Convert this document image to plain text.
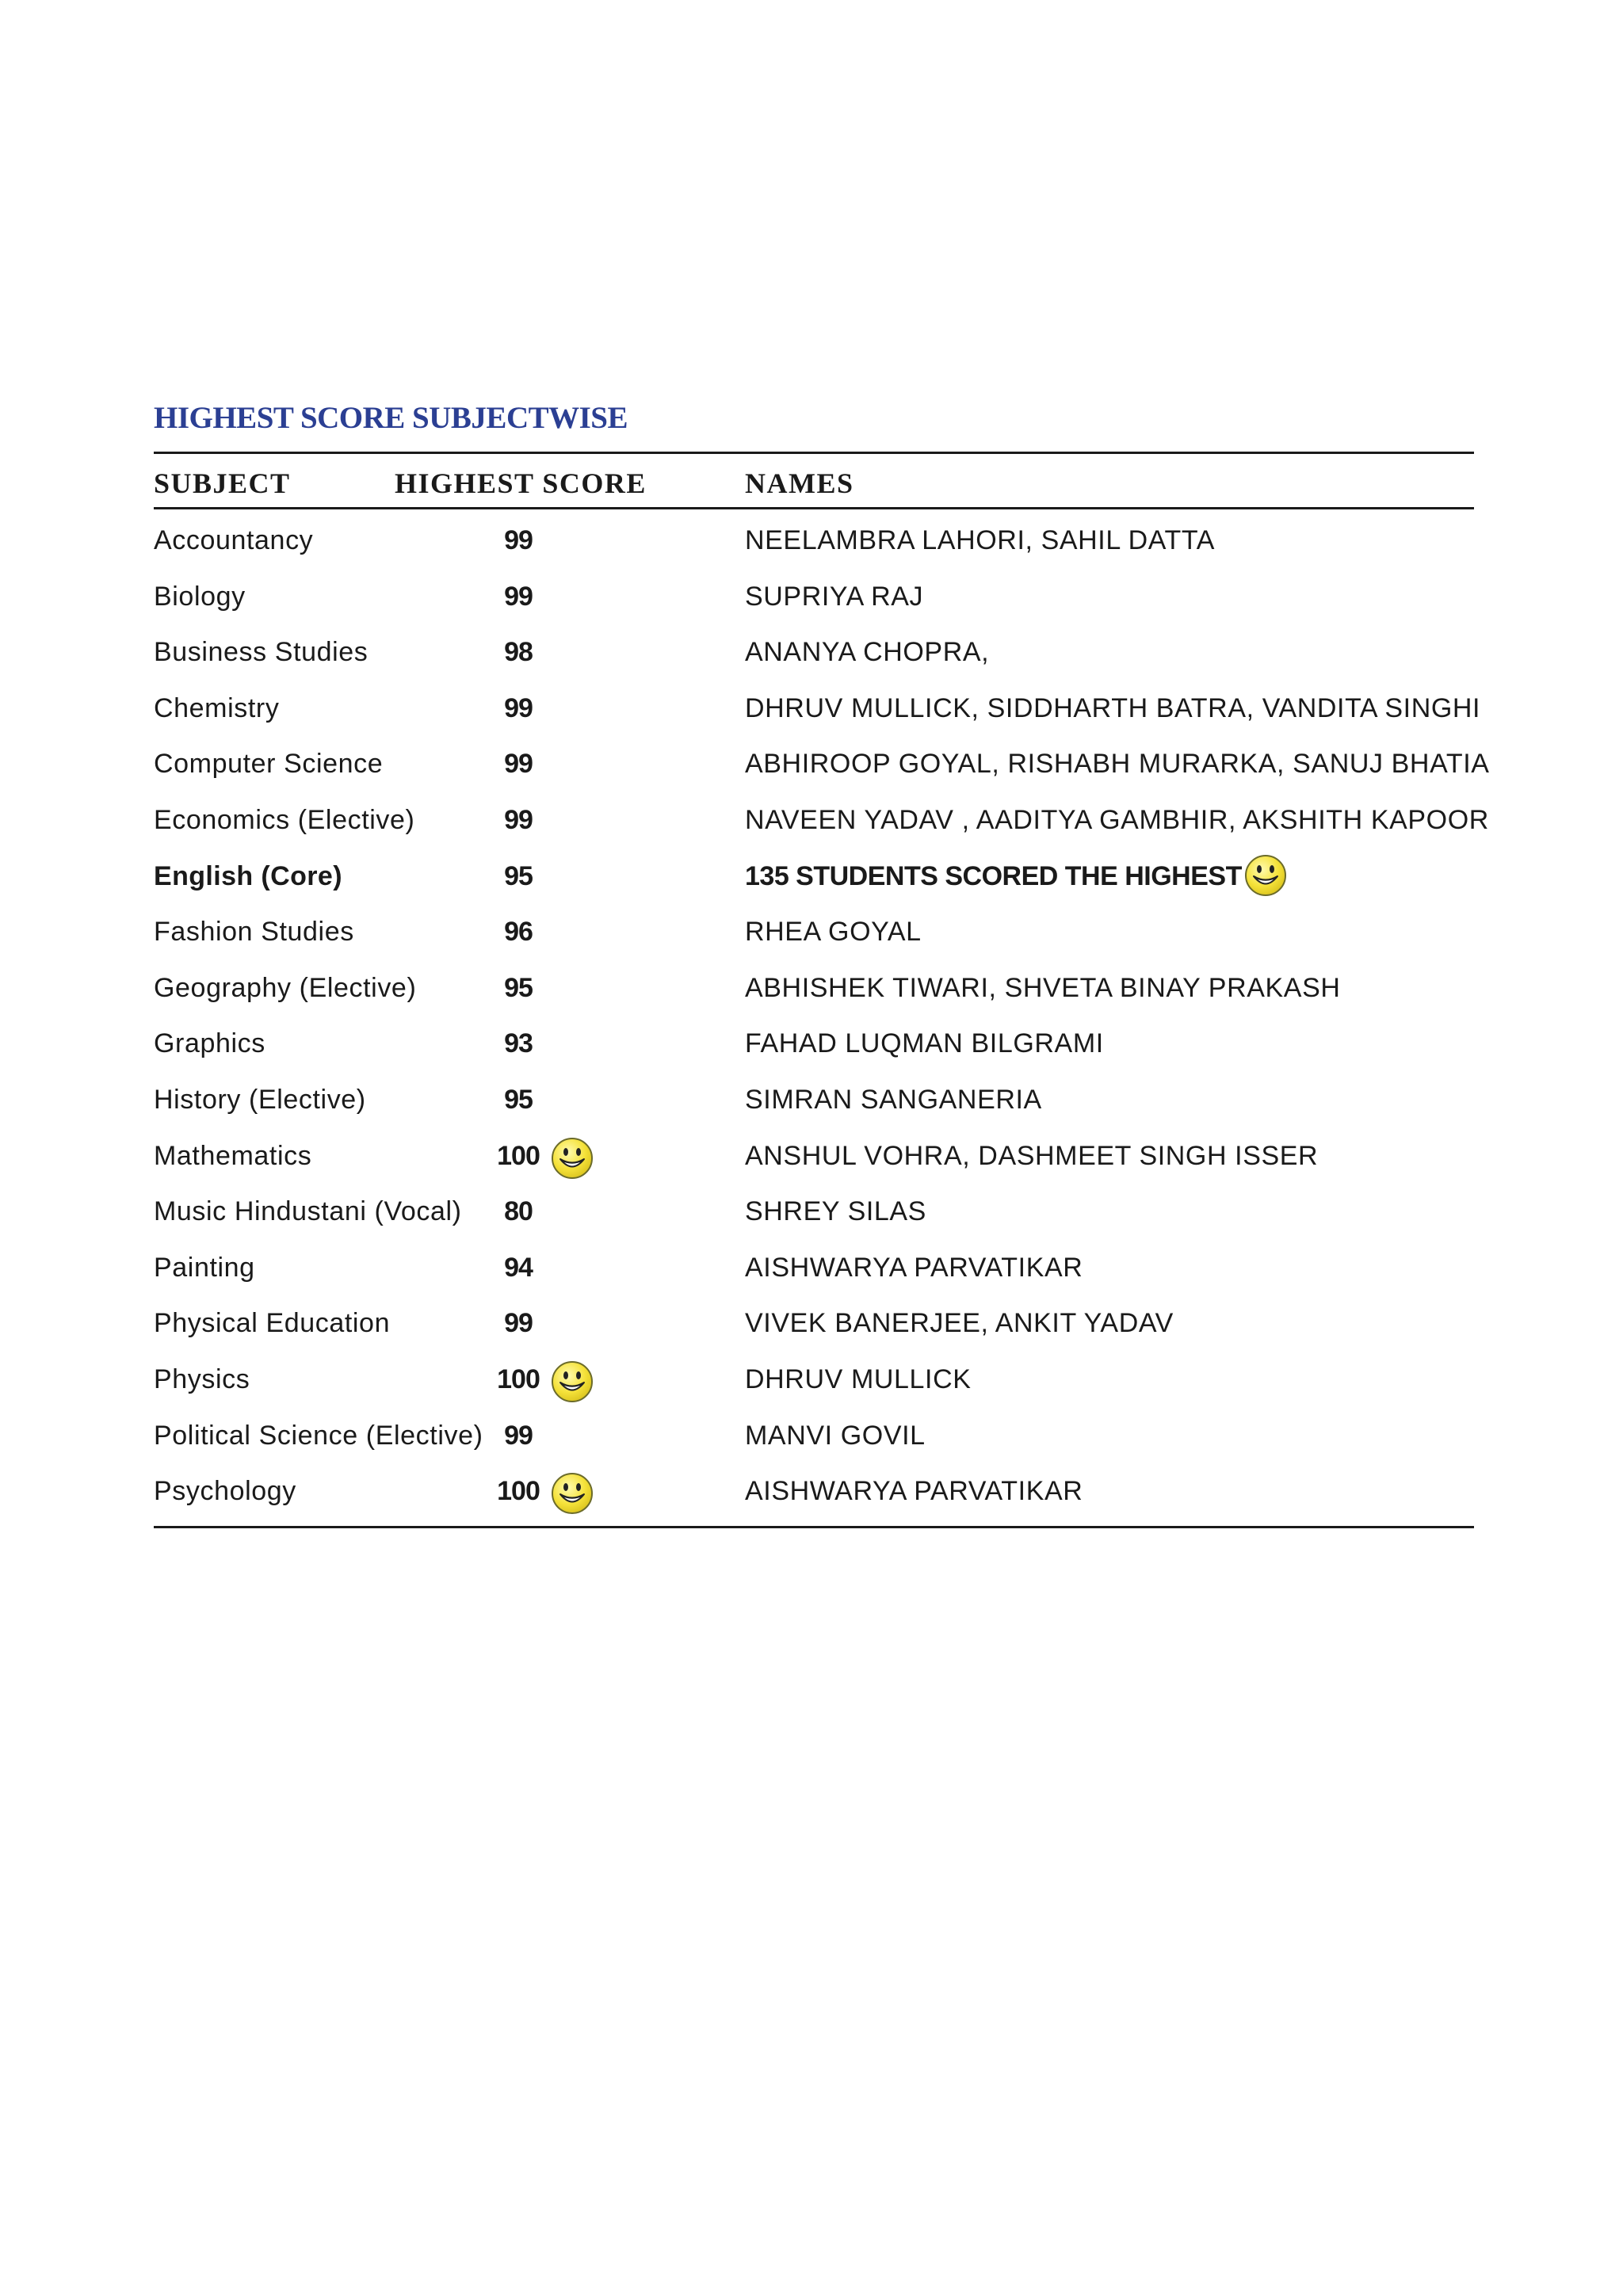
HIGHEST SCORE SUBJECTWISE
SUBJECT	HIGHEST SCORE	NAMES
Accountancy	99	NEELAMBRA LAHORI, SAHIL DATTA
Biology	99	SUPRIYA RAJ
Business Studies	98	ANANYA CHOPRA,
Chemistry	99	DHRUV MULLICK, SIDDHARTH BATRA, VANDITA SINGHI
Computer Science	99	ABHIROOP GOYAL, RISHABH MURARKA, SANUJ BHATIA
Economics (Elective)	99	NAVEEN YADAV , AADITYA GAMBHIR, AKSHITH KAPOOR
English (Core)	95	135 STUDENTS SCORED THE HIGHEST
Fashion Studies	96	RHEA GOYAL
Geography (Elective)	95	ABHISHEK TIWARI, SHVETA BINAY PRAKASH
Graphics	93	FAHAD LUQMAN BILGRAMI
History (Elective)	95	SIMRAN SANGANERIA
Mathematics	100	ANSHUL VOHRA, DASHMEET SINGH ISSER
Music Hindustani (Vocal)	80	SHREY SILAS
Painting	94	AISHWARYA PARVATIKAR
Physical Education	99	VIVEK BANERJEE, ANKIT YADAV
Physics	100	DHRUV MULLICK
Political Science (Elective) 99	MANVI GOVIL
Psychology	100	AISHWARYA PARVATIKAR
